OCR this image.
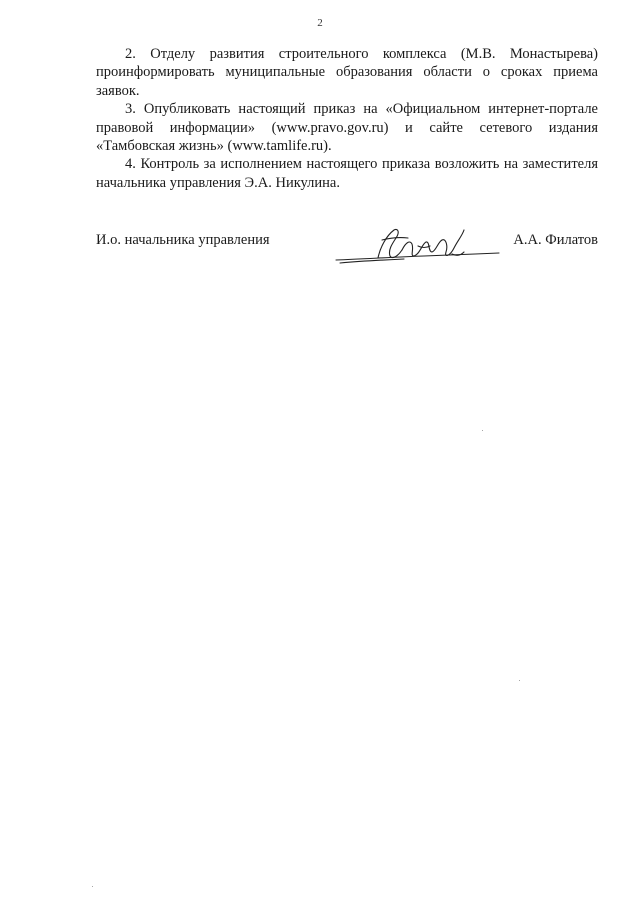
2

2. Отделу развития строительного комплекса (М.В. Монастырева) проинформировать муниципальные образования области о сроках приема заявок.

3. Опубликовать настоящий приказ на «Официальном интернет-портале правовой информации» (www.pravo.gov.ru) и сайте сетевого издания «Тамбовская жизнь» (www.tamlife.ru).

4. Контроль за исполнением настоящего приказа возложить на заместителя начальника управления Э.А. Никулина.

И.о. начальника управления	А.А. Филатов
